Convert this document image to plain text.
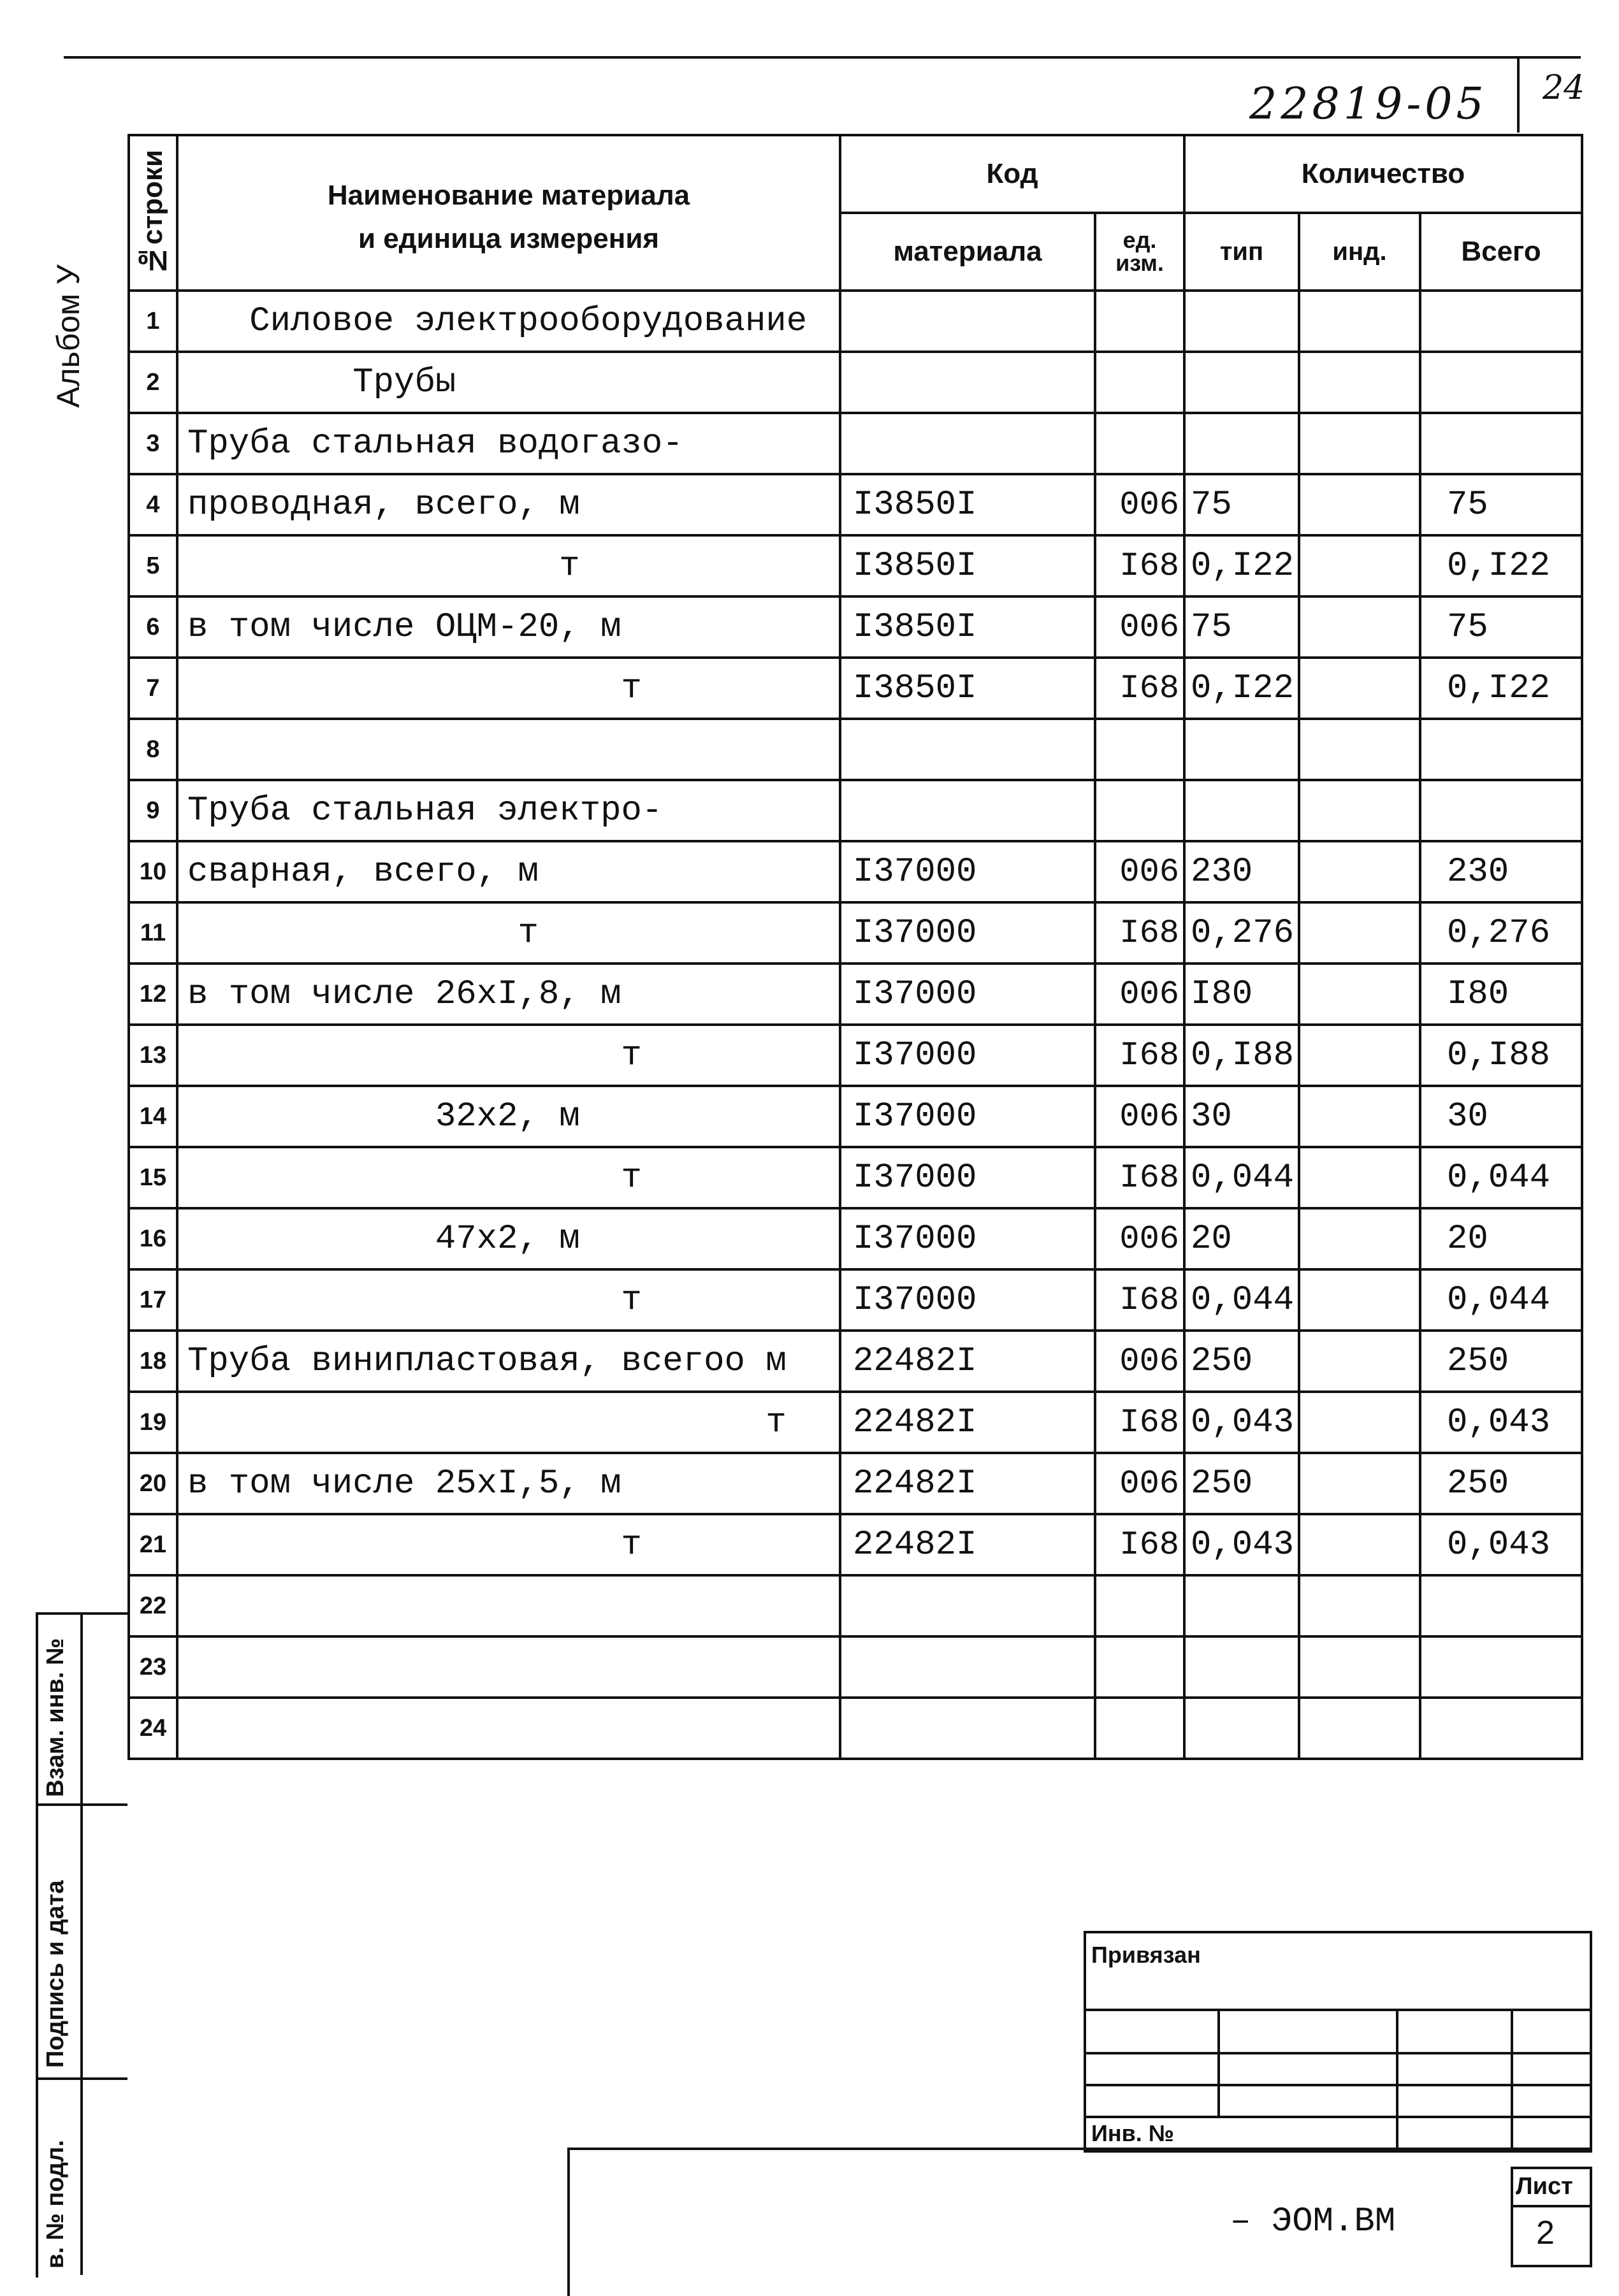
22819-05 24
Альбом У
№строки	Наименование материала
и единица измерения	Код		Количество		
		материала	ед. изм.	тип	инд.	Всего
1	Силовое электрооборудование					
2	Трубы					
3	Труба стальная водогазо-					
4	проводная, всего, м	I3850I	006	75		75
5	т	I3850I	I68	0,I22		0,I22
6	в том числе ОЦМ-20, м	I3850I	006	75		75
7	т	I3850I	I68	0,I22		0,I22
8						
9	Труба стальная электро-					
10	сварная, всего, м	I37000	006	230		230
11	т	I37000	I68	0,276		0,276
12	в том числе 26хI,8, м	I37000	006	I80		I80
13	т	I37000	I68	0,I88		0,I88
14	32х2, м	I37000	006	30		30
15	т	I37000	I68	0,044		0,044
16	47х2, м	I37000	006	20		20
17	т	I37000	I68	0,044		0,044
18	Труба винипластовая, всегоо м	22482I	006	250		250
19	т	22482I	I68	0,043		0,043
20	в том числе 25хI,5, м	22482I	006	250		250
21	т	22482I	I68	0,043		0,043
22						
23						
24						
Взам. инв. №
Подпись и дата
в. № подл.
Привязан
Инв. №
– ЭОМ.ВМ
Лист
2
